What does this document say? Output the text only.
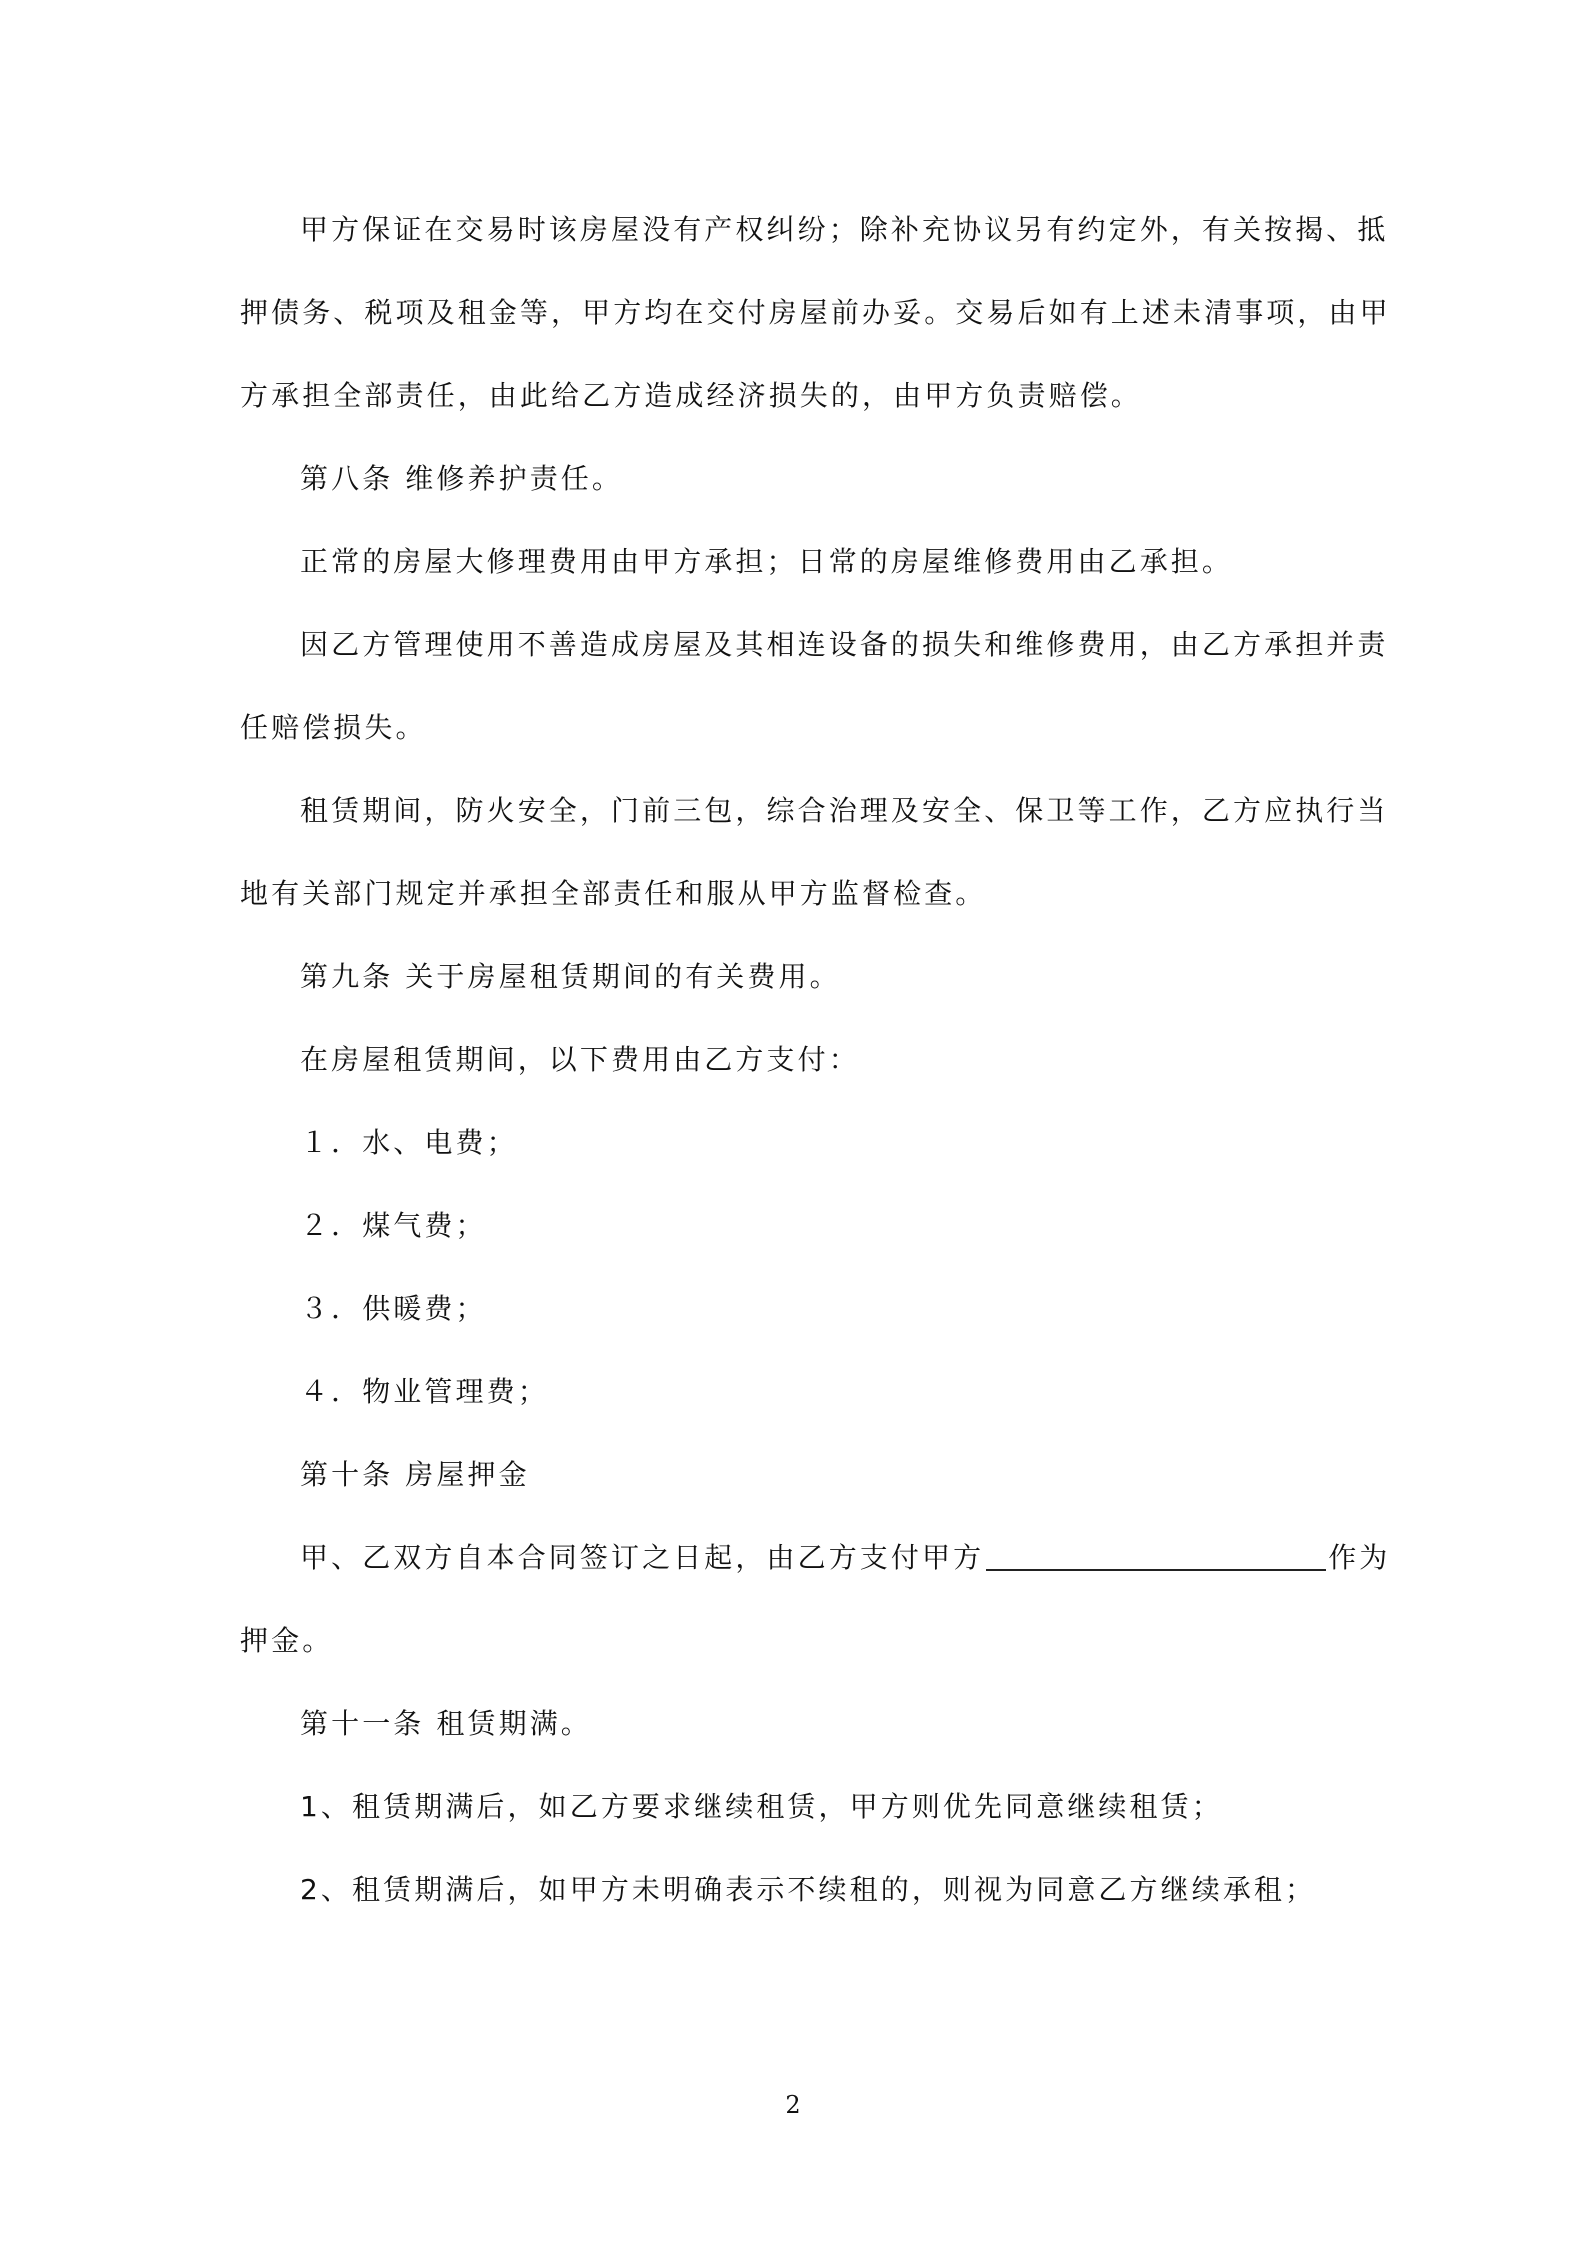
甲方保证在交易时该房屋没有产权纠纷；除补充协议另有约定外，有关按揭、抵
押债务、税项及租金等，甲方均在交付房屋前办妥。交易后如有上述未清事项，由甲
方承担全部责任，由此给乙方造成经济损失的，由甲方负责赔偿。
第八条 维修养护责任。
正常的房屋大修理费用由甲方承担；日常的房屋维修费用由乙承担。
因乙方管理使用不善造成房屋及其相连设备的损失和维修费用，由乙方承担并责
任赔偿损失。
租赁期间，防火安全，门前三包，综合治理及安全、保卫等工作，乙方应执行当
地有关部门规定并承担全部责任和服从甲方监督检查。
第九条 关于房屋租赁期间的有关费用。
在房屋租赁期间，以下费用由乙方支付：
１．水、电费；
２．煤气费；
３．供暖费；
４．物业管理费；
第十条 房屋押金
甲、乙双方自本合同签订之日起，由乙方支付甲方	作为
押金。
第十一条 租赁期满。
1、租赁期满后，如乙方要求继续租赁，甲方则优先同意继续租赁；
2、租赁期满后，如甲方未明确表示不续租的，则视为同意乙方继续承租；
2
